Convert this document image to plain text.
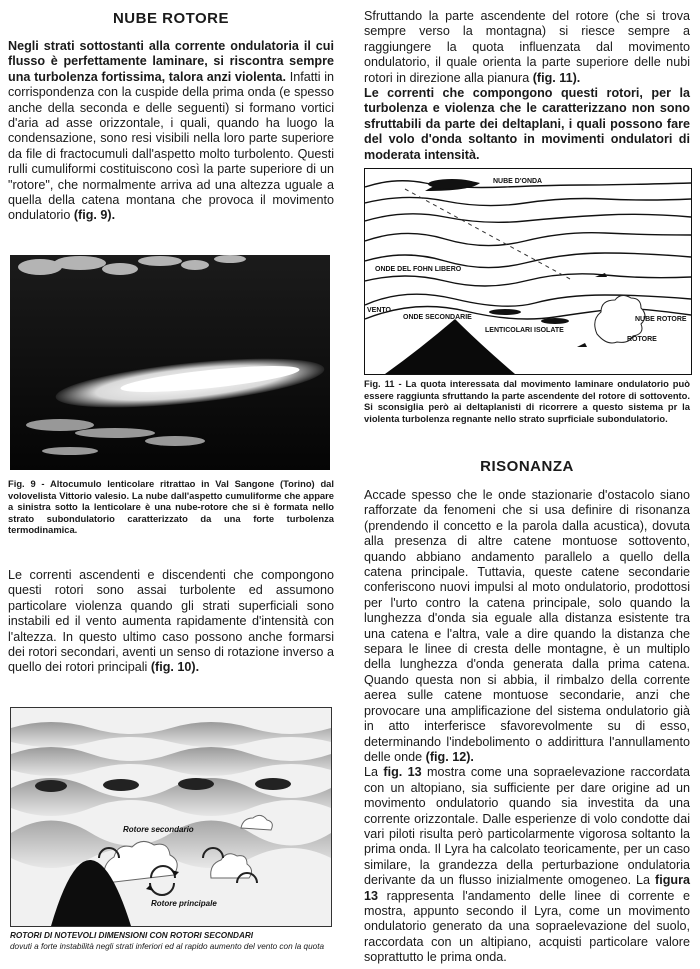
NUBE ROTORE

Negli strati sottostanti alla corrente ondulatoria il cui flusso è perfettamente laminare, si riscontra sempre una turbolenza fortissima, talora anzi violenta. Infatti in corrispondenza con la cuspide della prima onda (e spesso anche della seconda e delle seguenti) si formano vortici d'aria ad asse orizzontale, i quali, quando ha luogo la condensazione, sono resi visibili nella loro parte superiore da file di fractocumuli dall'aspetto molto turbolento. Questi rulli cumuliformi costituiscono così la parte superiore di un "rotore", che normalmente arriva ad una altezza uguale a quella della catena montana che provoca il movimento ondulatorio (fig. 9).

Fig. 9 - Altocumulo lenticolare ritrattao in Val Sangone (Torino) dal volovelista Vittorio valesio. La nube dall'aspetto cumuliforme che appare a sinistra sotto la lenticolare è una nube-rotore che si è formata nello strato subondulatorio caratterizzato da una forte turbolenza termodinamica.

Le correnti ascendenti e discendenti che compongono questi rotori sono assai turbolente ed assumono particolare violenza quando gli strati superficiali sono instabili ed il vento aumenta rapidamente d'intensità con l'altezza. In questo ultimo caso possono anche formarsi dei rotori secondari, aventi un senso di rotazione inverso a quello dei rotori principali (fig. 10).

Rotore secondario
Rotore principale
ROTORI DI NOTEVOLI DIMENSIONI CON ROTORI SECONDARI
dovuti a forte instabilità negli strati inferiori ed al rapido aumento del vento con la quota

Sfruttando la parte ascendente del rotore (che si trova sempre verso la montagna) si riesce sempre a raggiungere la quota influenzata dal movimento ondulatorio, il quale orienta la parte superiore delle nubi rotori in direzione alla pianura (fig. 11).
Le correnti che compongono questi rotori, per la turbolenza e violenza che le caratterizzano non sono sfruttabili da parte dei deltaplani, i quali possono fare del volo d'onda soltanto in movimenti ondulatori di moderata intensità.

NUBE D'ONDA
ONDE DEL FOHN LIBERO
VENTO
ONDE SECONDARIE
LENTICOLARI ISOLATE
NUBE ROTORE
ROTORE
Fig. 11 - La quota interessata dal movimento laminare ondulatorio può essere raggiunta sfruttando la parte ascendente del rotore di sottovento. Si sconsiglia però ai deltaplanisti di ricorrere a questo sistema pr la violenta turbolenza regnante nello strato suprficiale subondulatorio.
RISONANZA

Accade spesso che le onde stazionarie d'ostacolo siano rafforzate da fenomeni che si usa definire di risonanza (prendendo il concetto e la parola dalla acustica), dovuta alla presenza di altre catene montuose sottovento, quando abbiano andamento parallelo a quello della catena principale. Tuttavia, queste catene secondarie conferiscono nuovi impulsi al moto ondulatorio, prodottosi per l'urto contro la catena principale, solo quando la lunghezza d'onda sia eguale alla distanza esistente tra una catena e l'altra, vale a dire quando la distanza che separa le linee di cresta delle montagne, è un multiplo della lunghezza d'onda generata dalla prima catena. Quando questa non si abbia, il rimbalzo della corrente aerea sulle catene montuose secondarie, anzi che provocare una amplificazione del sistema ondulatorio già in atto interferisce sfavorevolmente su di esso, determinando l'indebolimento o addirittura l'annullamento delle onde (fig. 12).

La fig. 13 mostra come una sopraelevazione raccordata con un altopiano, sia sufficiente per dare origine ad un movimento ondulatorio quando sia investita da una corrente orizzontale. Dalle esperienze di volo condotte dai vari piloti risulta però particolarmente vigorosa soltanto la prima onda. Il Lyra ha calcolato teoricamente, per un caso similare, la grandezza della perturbazione ondulatoria derivante da un flusso inizialmente omogeneo. La figura 13 rappresenta l'andamento delle linee di corrente e mostra, appunto secondo il Lyra, come un movimento ondulatorio generato da una sopraelevazione del suolo, raccordata con un altipiano, acquisti particolare valore soprattutto le prima onda.
